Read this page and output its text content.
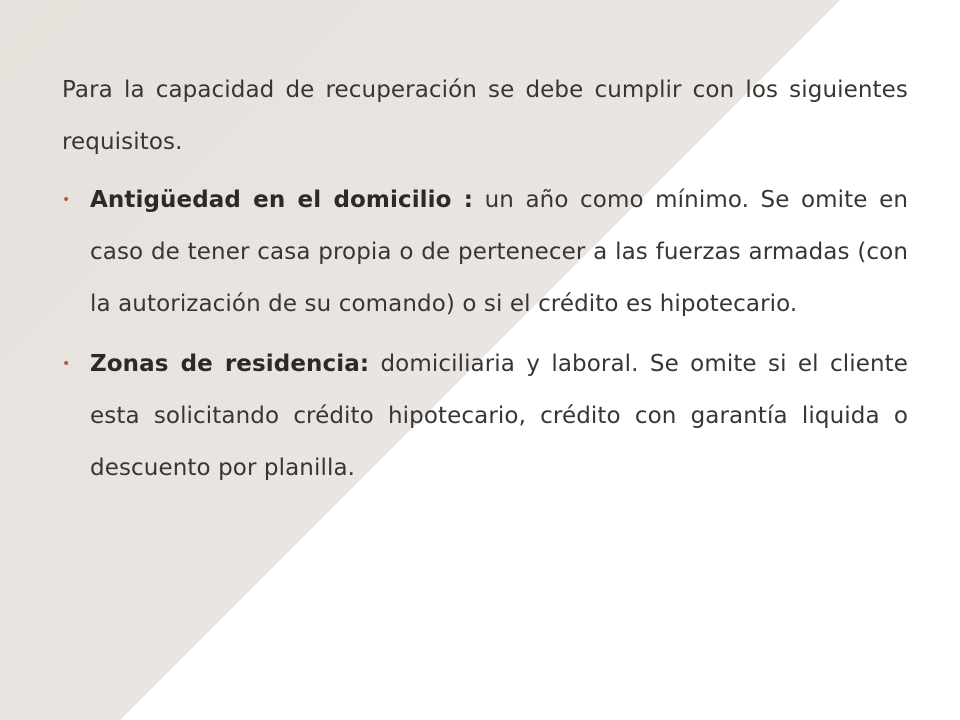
Para la capacidad de recuperación se debe cumplir con los siguientes requisitos.

• Antigüedad en el domicilio : un año como mínimo. Se omite en caso de tener casa propia o de pertenecer a las fuerzas armadas (con la autorización de su comando) o si el crédito es hipotecario.
• Zonas de residencia: domiciliaria y laboral. Se omite si el cliente esta solicitando crédito hipotecario, crédito con garantía liquida o descuento por planilla.
